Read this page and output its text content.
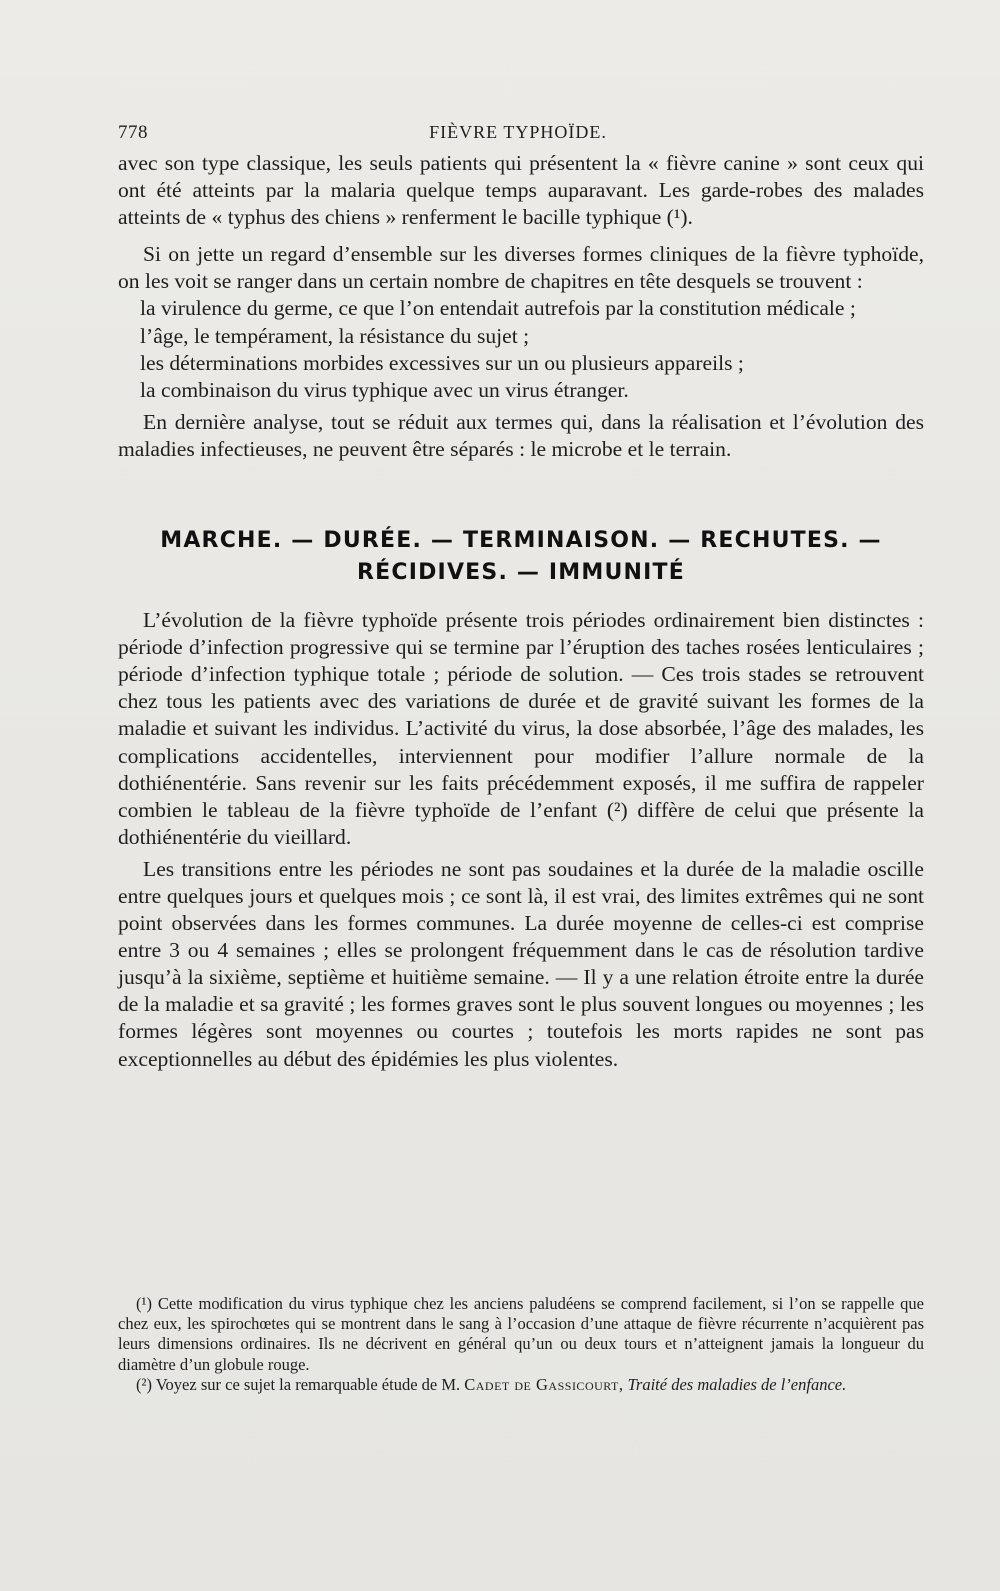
778	FIÈVRE TYPHOÏDE.

avec son type classique, les seuls patients qui présentent la « fièvre canine » sont ceux qui ont été atteints par la malaria quelque temps auparavant. Les garde-robes des malades atteints de « typhus des chiens » renferment le bacille typhique (¹).

Si on jette un regard d’ensemble sur les diverses formes cliniques de la fièvre typhoïde, on les voit se ranger dans un certain nombre de chapitres en tête desquels se trouvent :

la virulence du germe, ce que l’on entendait autrefois par la constitution médicale ;

l’âge, le tempérament, la résistance du sujet ;

les déterminations morbides excessives sur un ou plusieurs appareils ;

la combinaison du virus typhique avec un virus étranger.

En dernière analyse, tout se réduit aux termes qui, dans la réalisation et l’évolution des maladies infectieuses, ne peuvent être séparés : le microbe et le terrain.

MARCHE. — DURÉE. — TERMINAISON. — RECHUTES. —
RÉCIDIVES. — IMMUNITÉ

L’évolution de la fièvre typhoïde présente trois périodes ordinairement bien distinctes : période d’infection progressive qui se termine par l’éruption des taches rosées lenticulaires ; période d’infection typhique totale ; période de solution. — Ces trois stades se retrouvent chez tous les patients avec des variations de durée et de gravité suivant les formes de la maladie et suivant les individus. L’activité du virus, la dose absorbée, l’âge des malades, les complications accidentelles, interviennent pour modifier l’allure normale de la dothiénentérie. Sans revenir sur les faits précédemment exposés, il me suffira de rappeler combien le tableau de la fièvre typhoïde de l’enfant (²) diffère de celui que présente la dothiénentérie du vieillard.

Les transitions entre les périodes ne sont pas soudaines et la durée de la maladie oscille entre quelques jours et quelques mois ; ce sont là, il est vrai, des limites extrêmes qui ne sont point observées dans les formes communes. La durée moyenne de celles-ci est comprise entre 3 ou 4 semaines ; elles se prolongent fréquemment dans le cas de résolution tardive jusqu’à la sixième, septième et huitième semaine. — Il y a une relation étroite entre la durée de la maladie et sa gravité ; les formes graves sont le plus souvent longues ou moyennes ; les formes légères sont moyennes ou courtes ; toutefois les morts rapides ne sont pas exceptionnelles au début des épidémies les plus violentes.

(¹) Cette modification du virus typhique chez les anciens paludéens se comprend facilement, si l’on se rappelle que chez eux, les spirochœtes qui se montrent dans le sang à l’occasion d’une attaque de fièvre récurrente n’acquièrent pas leurs dimensions ordinaires. Ils ne décrivent en général qu’un ou deux tours et n’atteignent jamais la longueur du diamètre d’un globule rouge.

(²) Voyez sur ce sujet la remarquable étude de M. Cadet de Gassicourt, Traité des maladies de l’enfance.
